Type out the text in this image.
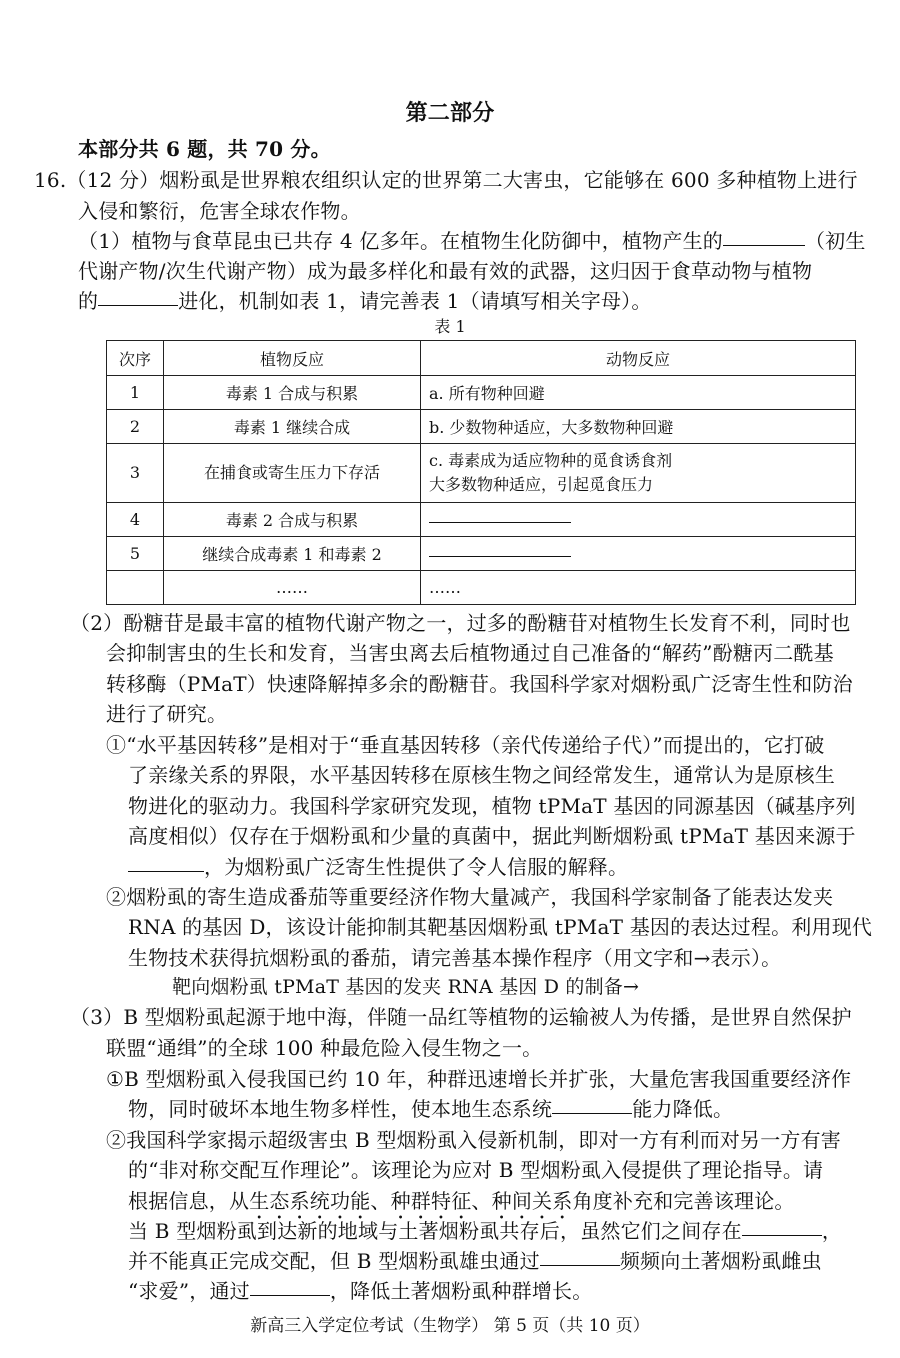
第二部分
本部分共 6 题，共 70 分。
16.（12 分）烟粉虱是世界粮农组织认定的世界第二大害虫，它能够在 600 多种植物上进行
入侵和繁衍，危害全球农作物。
（1）植物与食草昆虫已共存 4 亿多年。在植物生化防御中，植物产生的	（初生
代谢产物/次生代谢产物）成为最多样化和最有效的武器，这归因于食草动物与植物
的	进化，机制如表 1，请完善表 1（请填写相关字母）。
表 1
次序	植物反应	动物反应
1	毒素 1 合成与积累	a. 所有物种回避
2	毒素 1 继续合成	b. 少数物种适应，大多数物种回避
3	在捕食或寄生压力下存活	c. 毒素成为适应物种的觅食诱食剂
大多数物种适应，引起觅食压力

4	毒素 2 合成与积累	
5	继续合成毒素 1 和毒素 2	
	……	……
（2）酚糖苷是最丰富的植物代谢产物之一，过多的酚糖苷对植物生长发育不利，同时也
会抑制害虫的生长和发育，当害虫离去后植物通过自己准备的“解药”酚糖丙二酰基
转移酶（PMaT）快速降解掉多余的酚糖苷。我国科学家对烟粉虱广泛寄生性和防治
进行了研究。
①“水平基因转移”是相对于“垂直基因转移（亲代传递给子代）”而提出的，它打破
了亲缘关系的界限，水平基因转移在原核生物之间经常发生，通常认为是原核生
物进化的驱动力。我国科学家研究发现，植物 tPMaT 基因的同源基因（碱基序列
高度相似）仅存在于烟粉虱和少量的真菌中，据此判断烟粉虱 tPMaT 基因来源于
，为烟粉虱广泛寄生性提供了令人信服的解释。
②烟粉虱的寄生造成番茄等重要经济作物大量减产，我国科学家制备了能表达发夹
RNA 的基因 D，该设计能抑制其靶基因烟粉虱 tPMaT 基因的表达过程。利用现代
生物技术获得抗烟粉虱的番茄，请完善基本操作程序（用文字和→表示）。
靶向烟粉虱 tPMaT 基因的发夹 RNA 基因 D 的制备→
（3）B 型烟粉虱起源于地中海，伴随一品红等植物的运输被人为传播，是世界自然保护
联盟“通缉”的全球 100 种最危险入侵生物之一。
①B 型烟粉虱入侵我国已约 10 年，种群迅速增长并扩张，大量危害我国重要经济作
物，同时破坏本地生物多样性，使本地生态系统	能力降低。
②我国科学家揭示超级害虫 B 型烟粉虱入侵新机制，即对一方有利而对另一方有害
的“非对称交配互作理论”。该理论为应对 B 型烟粉虱入侵提供了理论指导。请
根据信息，从生态系统功能、种群特征、种间关系角度补充和完善该理论。
当 B 型烟粉虱到达新的地域与土著烟粉虱共存后，虽然它们之间存在	，
并不能真正完成交配，但 B 型烟粉虱雄虫通过	频频向土著烟粉虱雌虫
“求爱”，通过	，降低土著烟粉虱种群增长。
新高三入学定位考试（生物学） 第 5 页（共 10 页）
